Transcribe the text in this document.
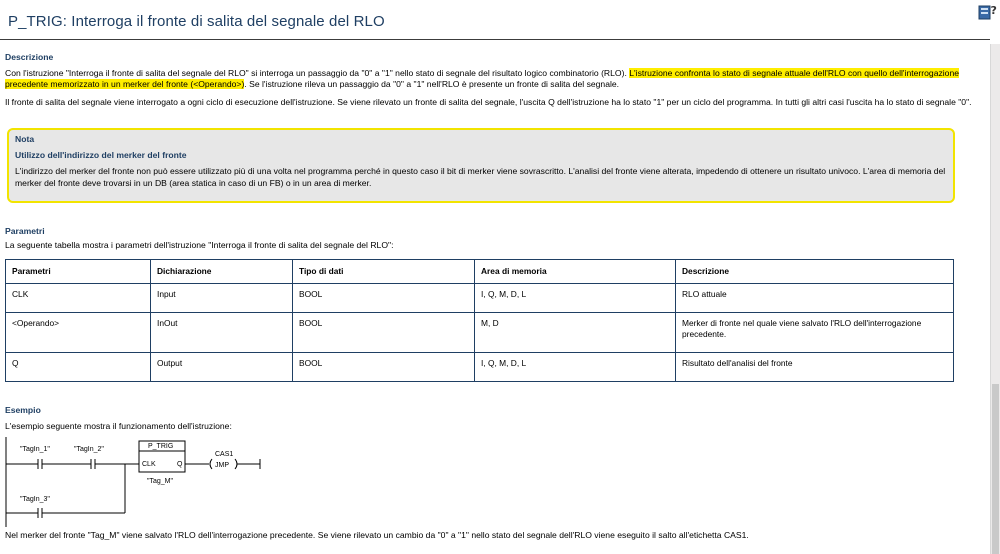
P_TRIG: Interroga il fronte di salita del segnale del RLO
?
Descrizione
Con l'istruzione "Interroga il fronte di salita del segnale del RLO" si interroga un passaggio da "0" a "1" nello stato di segnale del risultato logico combinatorio (RLO). L'istruzione confronta lo stato di segnale attuale dell'RLO con quello dell'interrogazione precedente memorizzato in un merker del fronte (<Operando>). Se l'istruzione rileva un passaggio da "0" a "1" nell'RLO è presente un fronte di salita del segnale.
Il fronte di salita del segnale viene interrogato a ogni ciclo di esecuzione dell'istruzione. Se viene rilevato un fronte di salita del segnale, l'uscita Q dell'istruzione ha lo stato "1" per un ciclo del programma. In tutti gli altri casi l'uscita ha lo stato di segnale "0".
Nota
Utilizzo dell'indirizzo del merker del fronte
L'indirizzo del merker del fronte non può essere utilizzato più di una volta nel programma perché in questo caso il bit di merker viene sovrascritto. L'analisi del fronte viene alterata, impedendo di ottenere un risultato univoco. L'area di memoria del merker del fronte deve trovarsi in un DB (area statica in caso di un FB) o in un area di merker.
Parametri
La seguente tabella mostra i parametri dell'istruzione "Interroga il fronte di salita del segnale del RLO":
Parametri	Dichiarazione	Tipo di dati	Area di memoria	Descrizione
CLK	Input	BOOL	I, Q, M, D, L	RLO attuale
<Operando>	InOut	BOOL	M, D	Merker di fronte nel quale viene salvato l'RLO dell'interrogazione precedente.
Q	Output	BOOL	I, Q, M, D, L	Risultato dell'analisi del fronte
Esempio
L'esempio seguente mostra il funzionamento dell'istruzione:
"TagIn_1"	"TagIn_2"
"TagIn_3"
P_TRIG
CLK	Q
"Tag_M"
CAS1
JMP
Nel merker del fronte "Tag_M" viene salvato l'RLO dell'interrogazione precedente. Se viene rilevato un cambio da "0" a "1" nello stato del segnale dell'RLO viene eseguito il salto all'etichetta CAS1.
